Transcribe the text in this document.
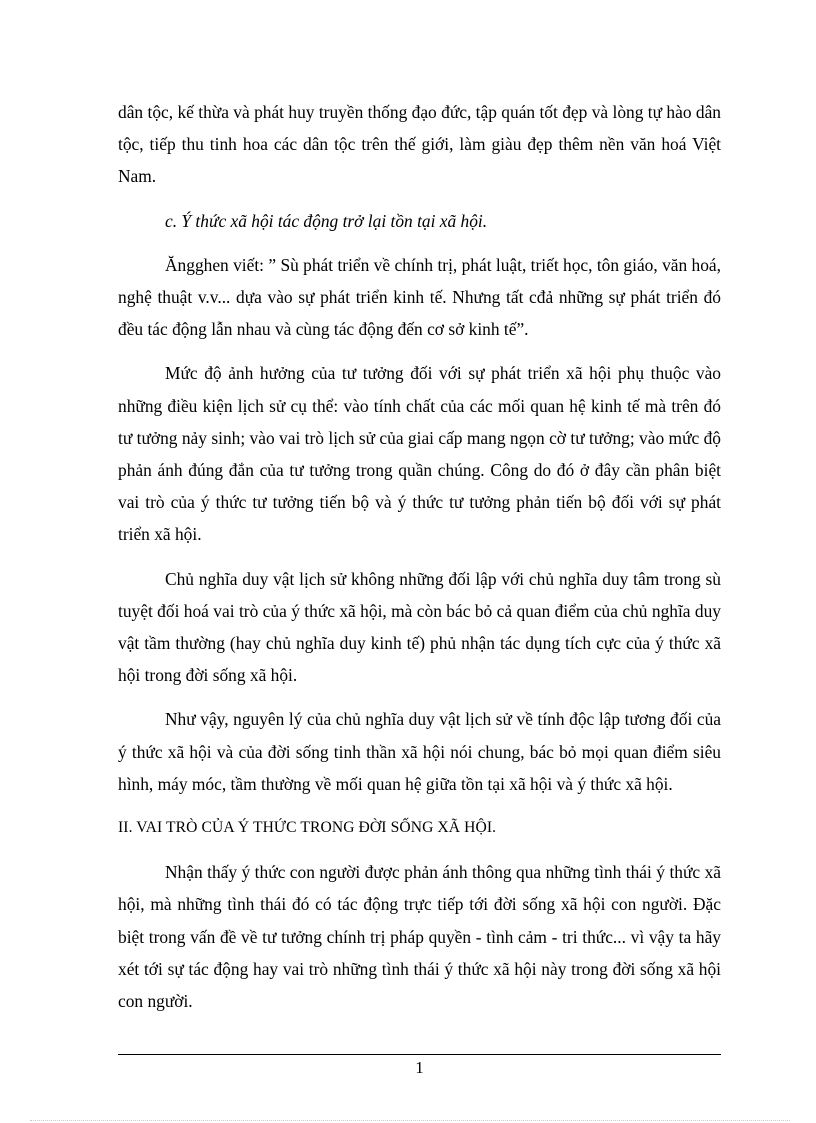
dân tộc, kế thừa và phát huy truyền thống đạo đức, tập quán tốt đẹp và lòng tự hào dân tộc, tiếp thu tinh hoa các dân tộc trên thế giới, làm giàu đẹp thêm nền văn hoá Việt Nam.

c. Ý thức xã hội tác động trở lại tồn tại xã hội.

Ăngghen viết: ” Sù phát triển về chính trị, phát luật, triết học, tôn giáo, văn hoá, nghệ thuật v.v... dựa vào sự phát triển kinh tế. Nhưng tất cđả những sự phát triển đó đều tác động lẫn nhau và cùng tác động đến cơ sở kinh tế”.

Mức độ ảnh hưởng của tư tưởng đối với sự phát triển xã hội phụ thuộc vào những điều kiện lịch sử cụ thể: vào tính chất của các mối quan hệ kinh tế mà trên đó tư tưởng nảy sinh; vào vai trò lịch sử của giai cấp mang ngọn cờ tư tưởng; vào mức độ phản ánh đúng đắn của tư tưởng trong quần chúng. Công do đó ở đây cần phân biệt vai trò của ý thức tư tưởng tiến bộ và ý thức tư tưởng phản tiến bộ đối với sự phát triển xã hội.

Chủ nghĩa duy vật lịch sử không những đối lập với chủ nghĩa duy tâm trong sù tuyệt đối hoá vai trò của ý thức xã hội, mà còn bác bỏ cả quan điểm của chủ nghĩa duy vật tầm thường (hay chủ nghĩa duy kinh tế) phủ nhận tác dụng tích cực của ý thức xã hội trong đời sống xã hội.

Như vậy, nguyên lý của chủ nghĩa duy vật lịch sử về tính độc lập tương đối của ý thức xã hội và của đời sống tinh thần xã hội nói chung, bác bỏ mọi quan điểm siêu hình, máy móc, tầm thường về mối quan hệ giữa tồn tại xã hội và ý thức xã hội.

II. VAI TRÒ CỦA Ý THỨC TRONG ĐỜI SỐNG XÃ HỘI.

Nhận thấy ý thức con người được phản ánh thông qua những tình thái ý thức xã hội, mà những tình thái đó có tác động trực tiếp tới đời sống xã hội con người. Đặc biệt trong vấn đề về tư tưởng chính trị pháp quyền - tình cảm - tri thức... vì vậy ta hãy xét tới sự tác động hay vai trò những tình thái ý thức xã hội này trong đời sống xã hội con người.

1
